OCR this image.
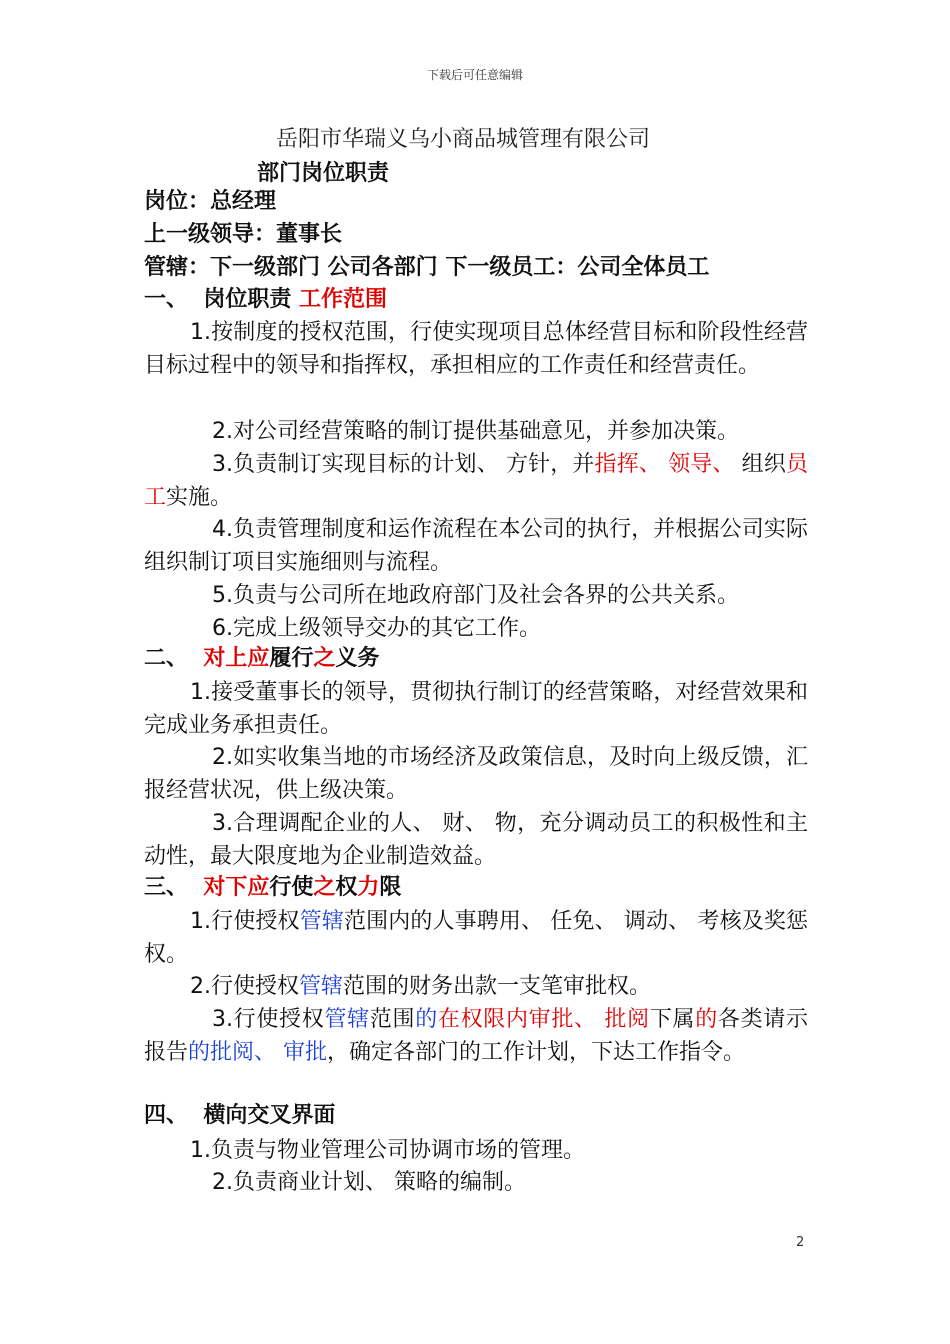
下载后可任意编辑
岳阳市华瑞义乌小商品城管理有限公司
部门岗位职责
岗位：总经理
上一级领导：董事长
管辖：下一级部门 公司各部门 下一级员工：公司全体员工
一、 岗位职责 工作范围
1.按制度的授权范围，行使实现项目总体经营目标和阶段性经营目标过程中的领导和指挥权，承担相应的工作责任和经营责任。
2.对公司经营策略的制订提供基础意见，并参加决策。
3.负责制订实现目标的计划、 方针，并指挥、 领导、 组织员工实施。
4.负责管理制度和运作流程在本公司的执行，并根据公司实际组织制订项目实施细则与流程。
5.负责与公司所在地政府部门及社会各界的公共关系。
6.完成上级领导交办的其它工作。
二、 对上应履行之义务
1.接受董事长的领导，贯彻执行制订的经营策略，对经营效果和完成业务承担责任。
2.如实收集当地的市场经济及政策信息，及时向上级反馈，汇报经营状况，供上级决策。
3.合理调配企业的人、 财、 物，充分调动员工的积极性和主动性，最大限度地为企业制造效益。
三、 对下应行使之权力限
1.行使授权管辖范围内的人事聘用、 任免、 调动、 考核及奖惩权。
2.行使授权管辖范围的财务出款一支笔审批权。
3.行使授权管辖范围的在权限内审批、 批阅下属的各类请示报告的批阅、 审批，确定各部门的工作计划，下达工作指令。
四、 横向交叉界面
1.负责与物业管理公司协调市场的管理。
2.负责商业计划、 策略的编制。
2
